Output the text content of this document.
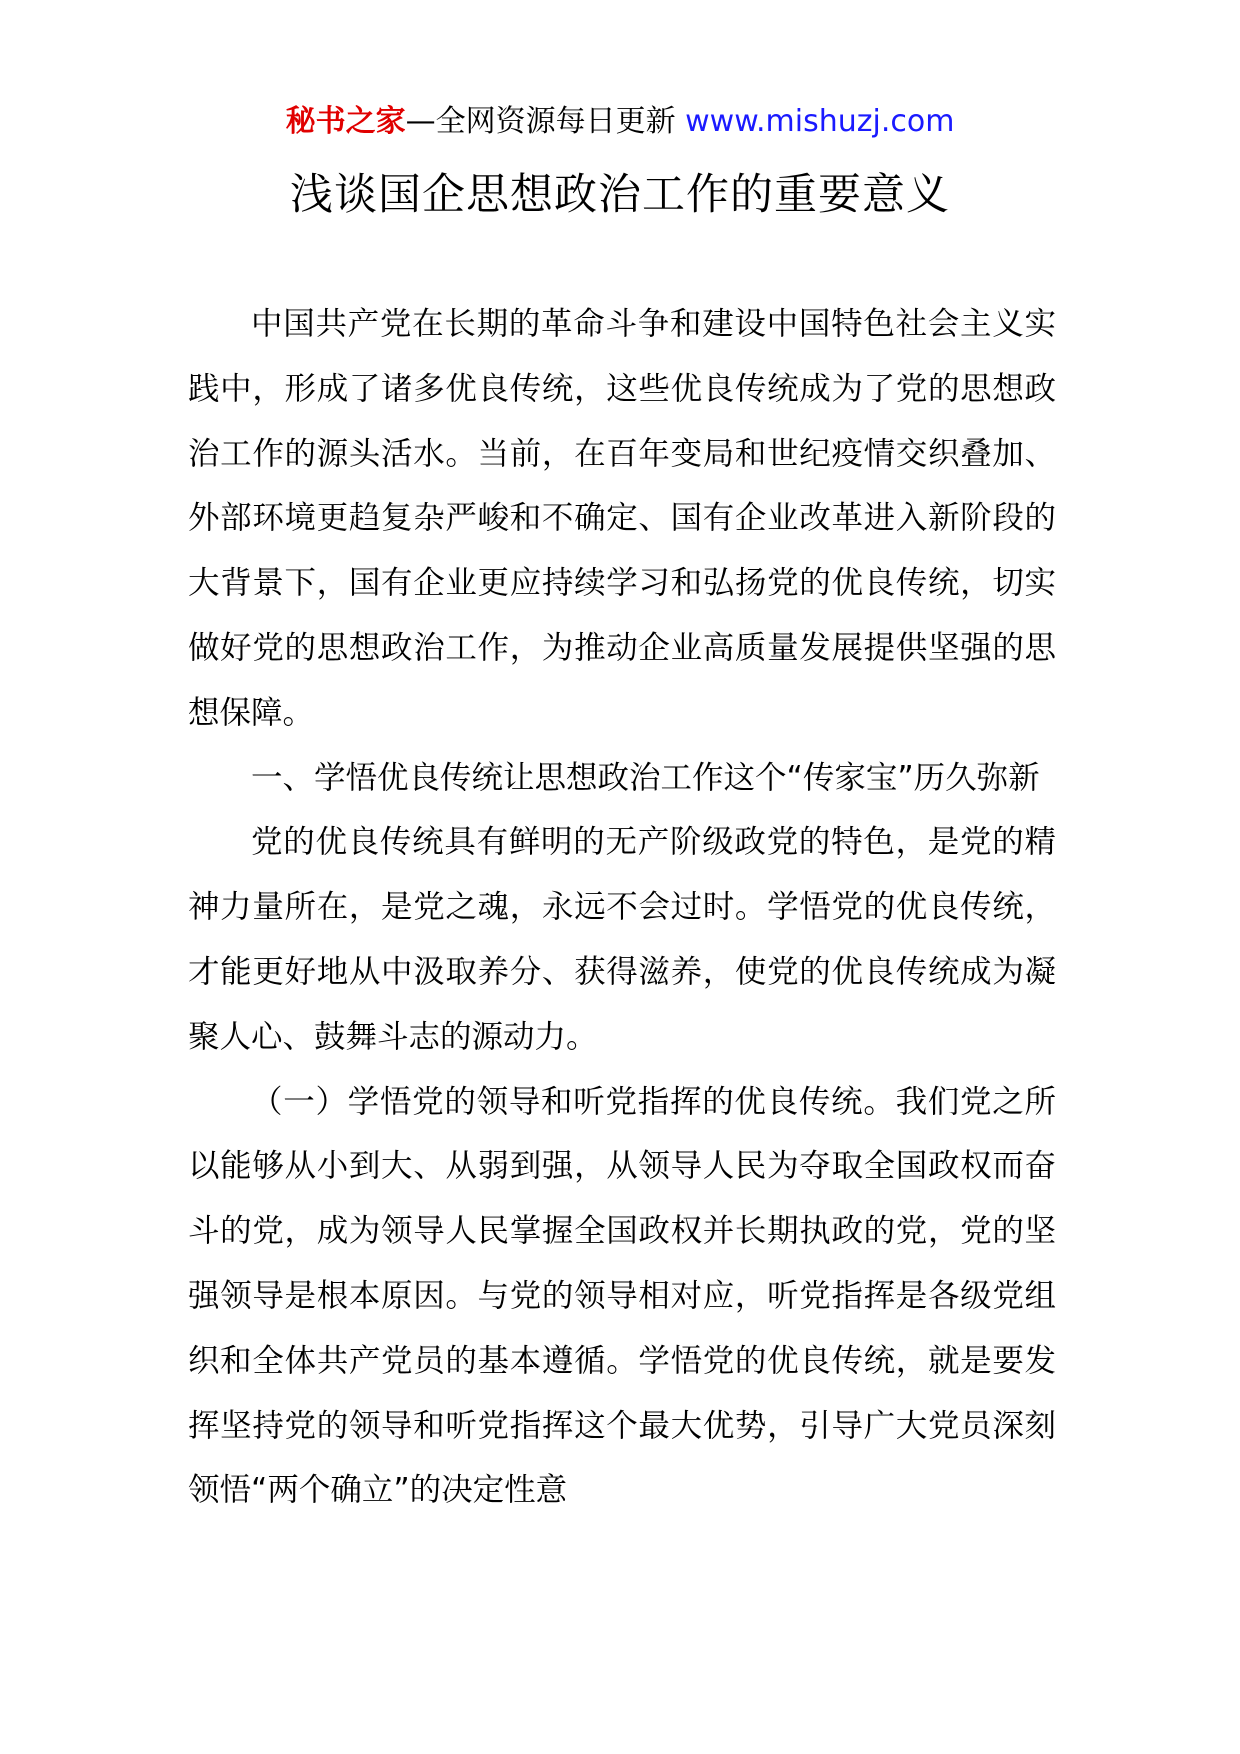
秘书之家—全网资源每日更新 www.mishuzj.com
浅谈国企思想政治工作的重要意义

中国共产党在长期的革命斗争和建设中国特色社会主义实践中，形成了诸多优良传统，这些优良传统成为了党的思想政治工作的源头活水。当前，在百年变局和世纪疫情交织叠加、外部环境更趋复杂严峻和不确定、国有企业改革进入新阶段的大背景下，国有企业更应持续学习和弘扬党的优良传统，切实做好党的思想政治工作，为推动企业高质量发展提供坚强的思想保障。

一、学悟优良传统让思想政治工作这个“传家宝”历久弥新

党的优良传统具有鲜明的无产阶级政党的特色，是党的精神力量所在，是党之魂，永远不会过时。学悟党的优良传统，才能更好地从中汲取养分、获得滋养，使党的优良传统成为凝聚人心、鼓舞斗志的源动力。

（一）学悟党的领导和听党指挥的优良传统。我们党之所以能够从小到大、从弱到强，从领导人民为夺取全国政权而奋斗的党，成为领导人民掌握全国政权并长期执政的党，党的坚强领导是根本原因。与党的领导相对应，听党指挥是各级党组织和全体共产党员的基本遵循。学悟党的优良传统，就是要发挥坚持党的领导和听党指挥这个最大优势，引导广大党员深刻领悟“两个确立”的决定性意
